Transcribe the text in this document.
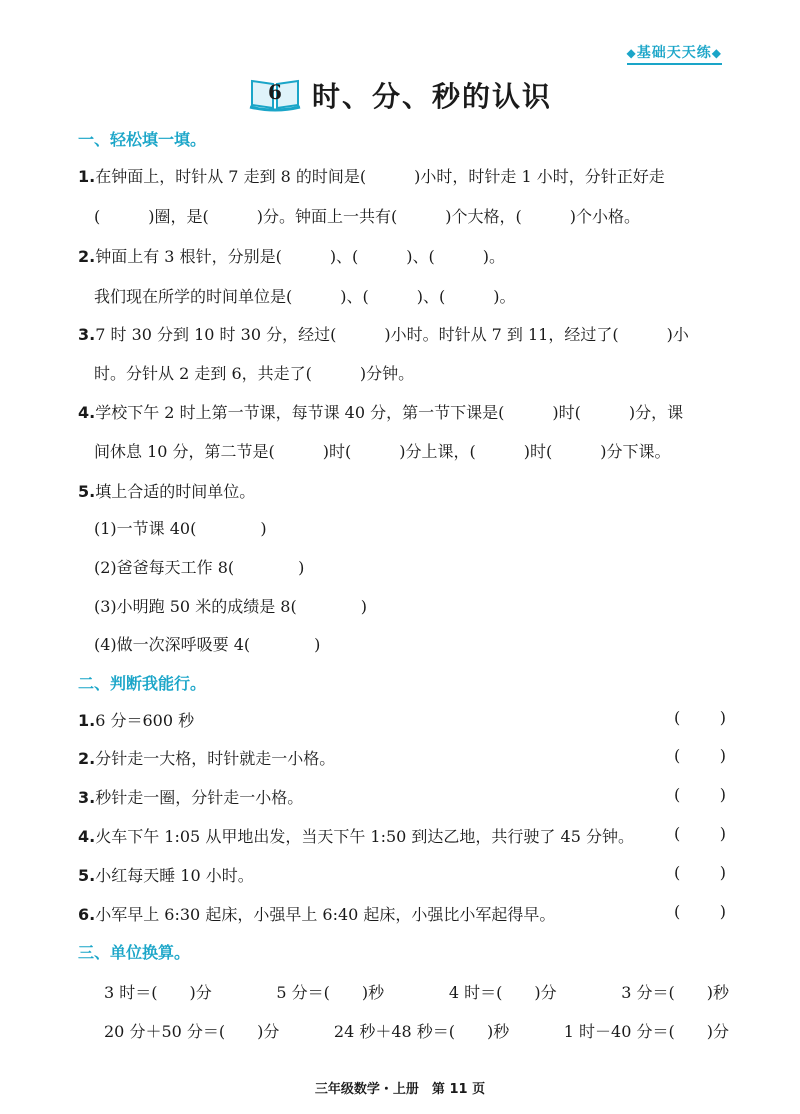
◆基础天天练◆
6	时、分、秒的认识
一、轻松填一填。
1.在钟面上，时针从 7 走到 8 的时间是(　　　)小时，时针走 1 小时，分针正好走
(　　　)圈，是(　　　)分。钟面上一共有(　　　)个大格，(　　　)个小格。
2.钟面上有 3 根针，分别是(　　　)、(　　　)、(　　　)。
我们现在所学的时间单位是(　　　)、(　　　)、(　　　)。
3.7 时 30 分到 10 时 30 分，经过(　　　)小时。时针从 7 到 11，经过了(　　　)小
时。分针从 2 走到 6，共走了(　　　)分钟。
4.学校下午 2 时上第一节课，每节课 40 分，第一节下课是(　　　)时(　　　)分，课
间休息 10 分，第二节是(　　　)时(　　　)分上课，(　　　)时(　　　)分下课。
5.填上合适的时间单位。
(1)一节课 40(　　　　)
(2)爸爸每天工作 8(　　　　)
(3)小明跑 50 米的成绩是 8(　　　　)
(4)做一次深呼吸要 4(　　　　)
二、判断我能行。
1.6 分＝600 秒	( )
2.分针走一大格，时针就走一小格。	( )
3.秒针走一圈，分针走一小格。	( )
4.火车下午 1:05 从甲地出发，当天下午 1:50 到达乙地，共行驶了 45 分钟。	( )
5.小红每天睡 10 小时。	( )
6.小军早上 6:30 起床，小强早上 6:40 起床，小强比小军起得早。	( )
三、单位换算。
3 时＝(　　)分	5 分＝(　　)秒	4 时＝(　　)分	3 分＝(　　)秒
20 分＋50 分＝(　　)分	24 秒＋48 秒＝(　　)秒	1 时－40 分＝(　　)分
三年级数学・上册　第 11 页
